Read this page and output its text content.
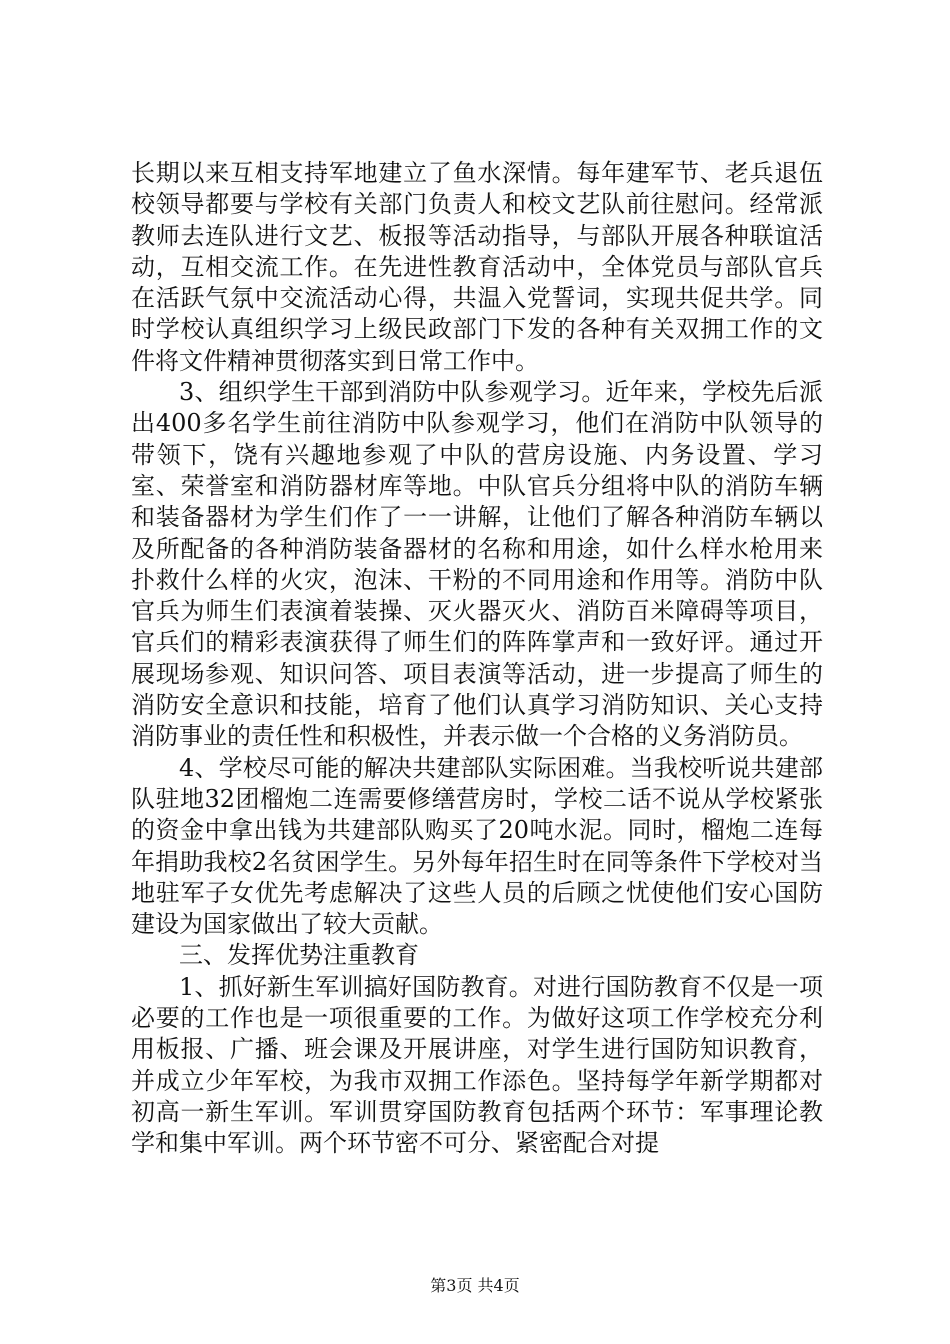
长期以来互相支持军地建立了鱼水深情。每年建军节、老兵退伍校领导都要与学校有关部门负责人和校文艺队前往慰问。经常派教师去连队进行文艺、板报等活动指导，与部队开展各种联谊活动，互相交流工作。在先进性教育活动中，全体党员与部队官兵在活跃气氛中交流活动心得，共温入党誓词，实现共促共学。同时学校认真组织学习上级民政部门下发的各种有关双拥工作的文件将文件精神贯彻落实到日常工作中。

3、组织学生干部到消防中队参观学习。近年来，学校先后派出400多名学生前往消防中队参观学习，他们在消防中队领导的带领下，饶有兴趣地参观了中队的营房设施、内务设置、学习室、荣誉室和消防器材库等地。中队官兵分组将中队的消防车辆和装备器材为学生们作了一一讲解，让他们了解各种消防车辆以及所配备的各种消防装备器材的名称和用途，如什么样水枪用来扑救什么样的火灾，泡沫、干粉的不同用途和作用等。消防中队官兵为师生们表演着装操、灭火器灭火、消防百米障碍等项目，官兵们的精彩表演获得了师生们的阵阵掌声和一致好评。通过开展现场参观、知识问答、项目表演等活动，进一步提高了师生的消防安全意识和技能，培育了他们认真学习消防知识、关心支持消防事业的责任性和积极性，并表示做一个合格的义务消防员。

4、学校尽可能的解决共建部队实际困难。当我校听说共建部队驻地32团榴炮二连需要修缮营房时，学校二话不说从学校紧张的资金中拿出钱为共建部队购买了20吨水泥。同时，榴炮二连每年捐助我校2名贫困学生。另外每年招生时在同等条件下学校对当地驻军子女优先考虑解决了这些人员的后顾之忧使他们安心国防建设为国家做出了较大贡献。

三、发挥优势注重教育

1、抓好新生军训搞好国防教育。对进行国防教育不仅是一项必要的工作也是一项很重要的工作。为做好这项工作学校充分利用板报、广播、班会课及开展讲座，对学生进行国防知识教育，并成立少年军校，为我市双拥工作添色。坚持每学年新学期都对初高一新生军训。军训贯穿国防教育包括两个环节：军事理论教学和集中军训。两个环节密不可分、紧密配合对提

第3页 共4页
